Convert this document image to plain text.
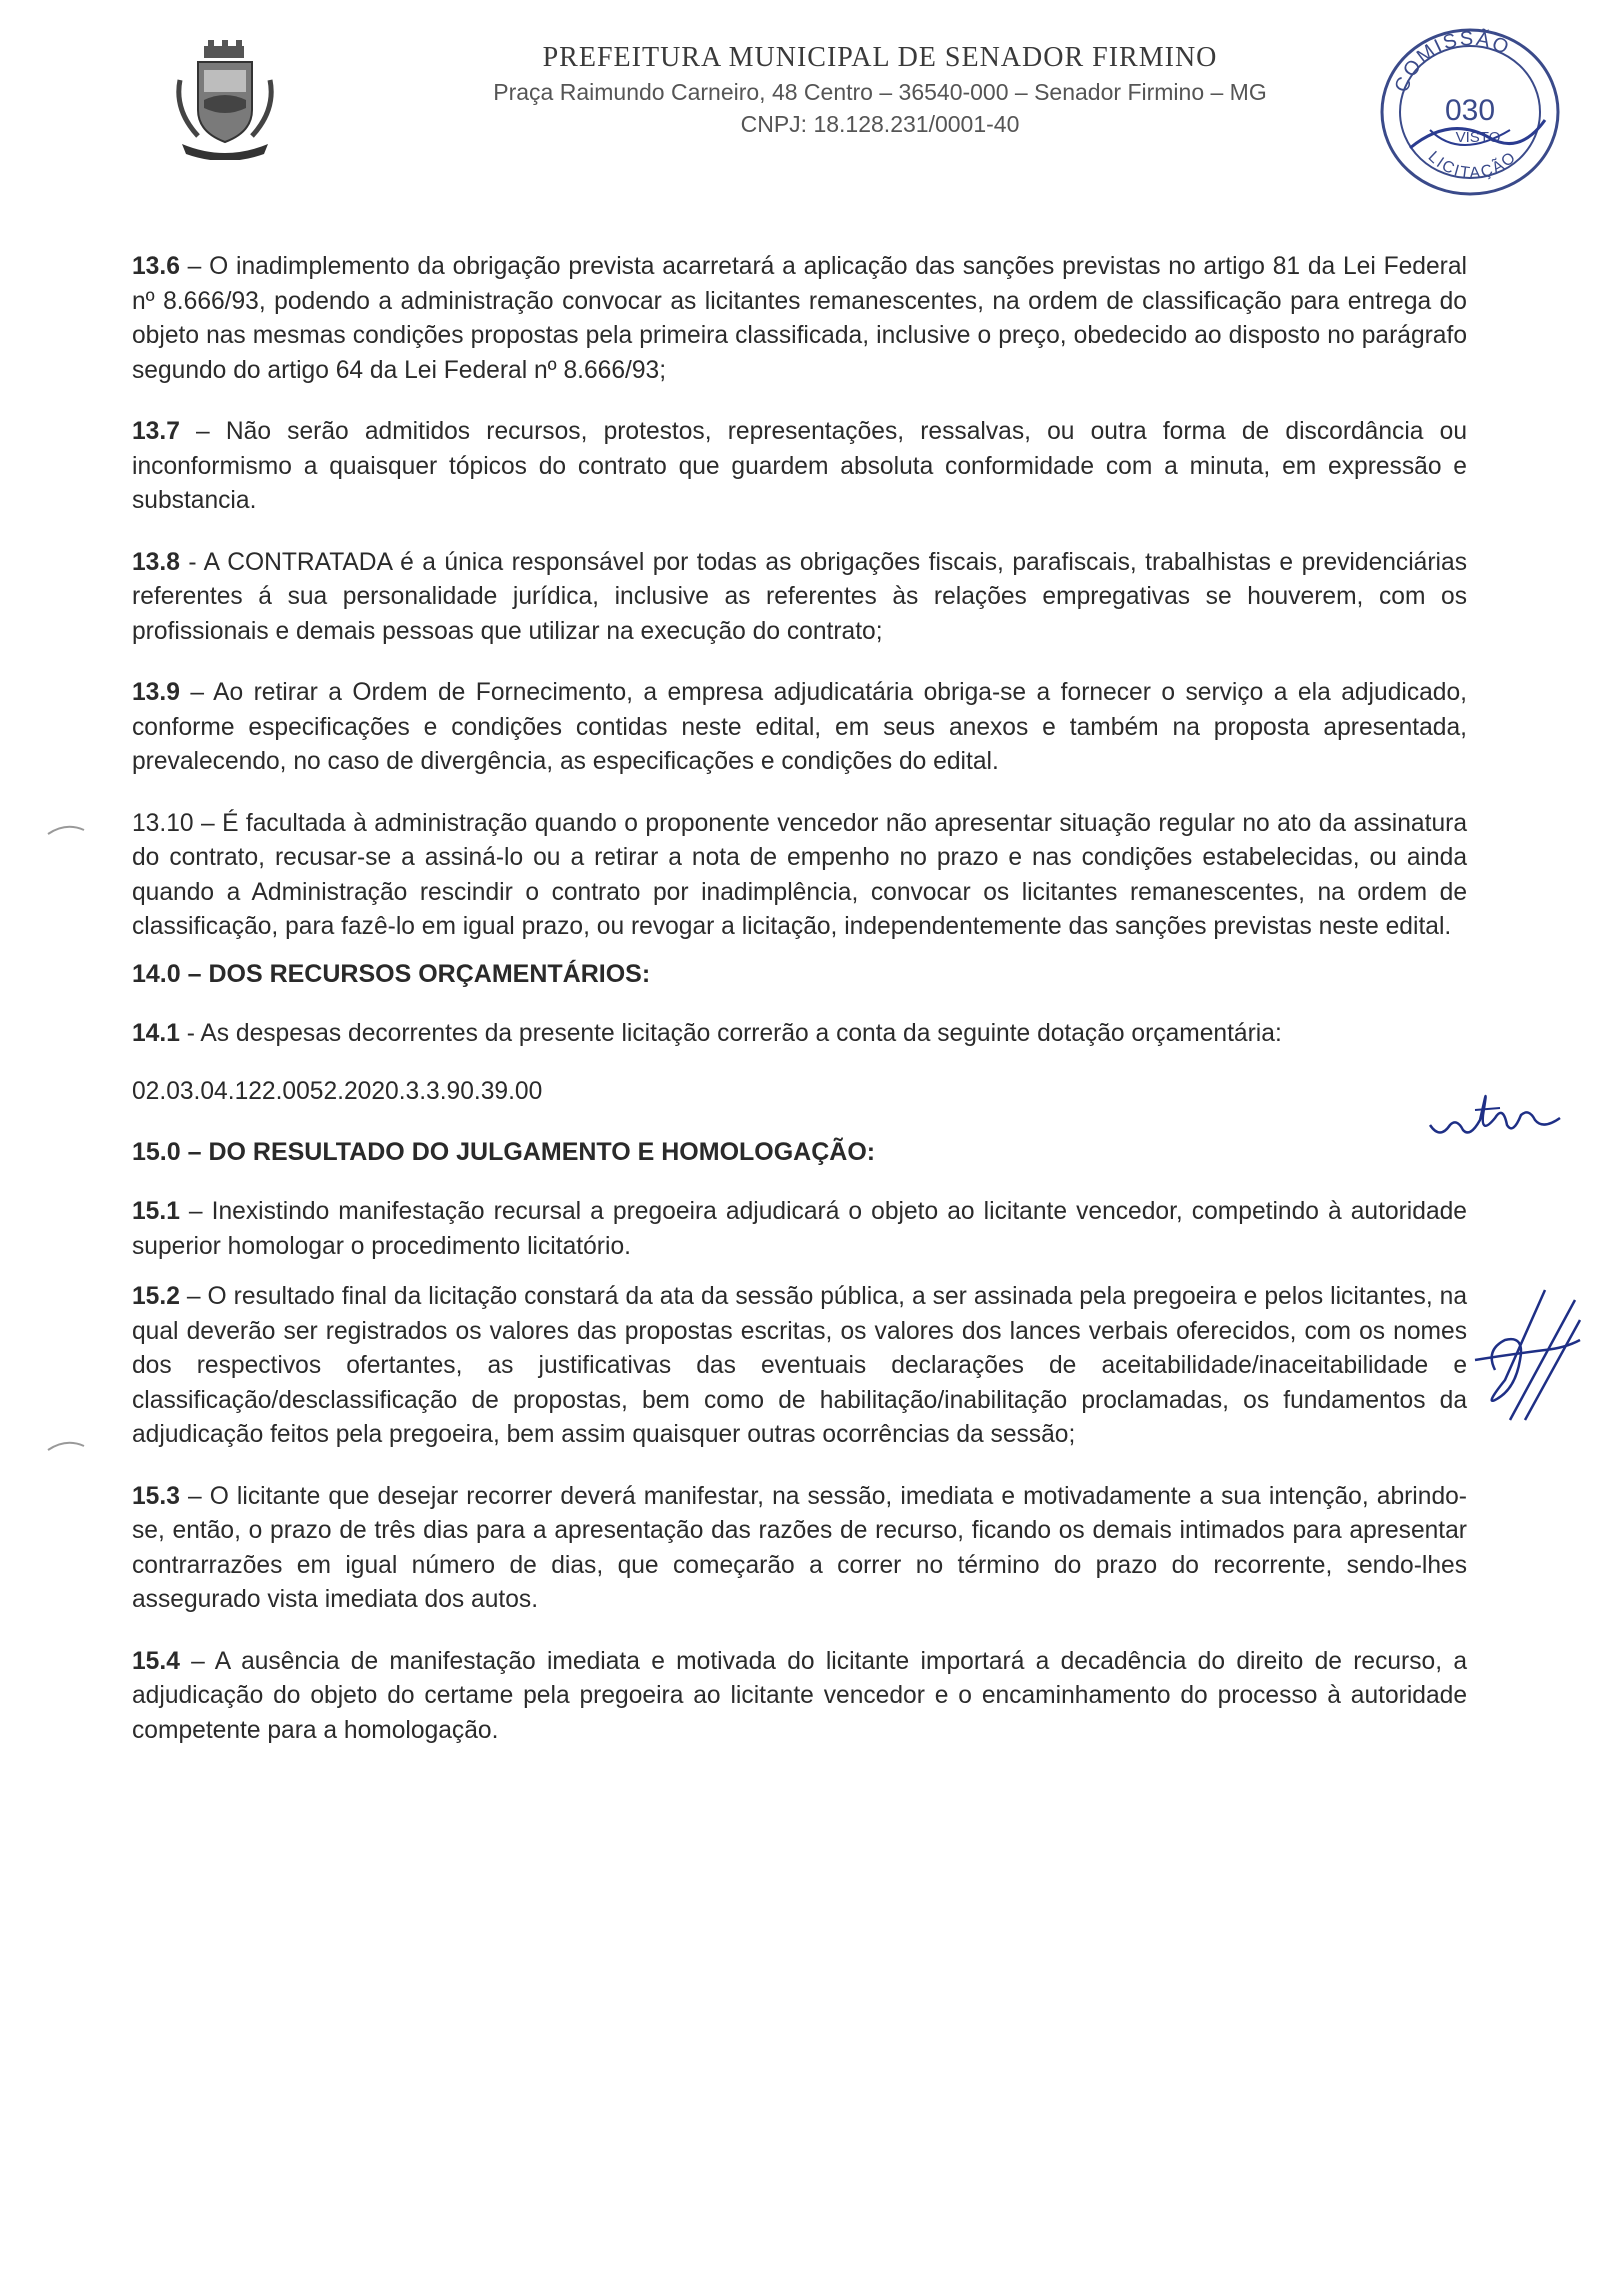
PREFEITURA MUNICIPAL DE SENADOR FIRMINO
Praça Raimundo Carneiro, 48 Centro – 36540-000 – Senador Firmino – MG
CNPJ: 18.128.231/0001-40
COMISSÃO
030
VISTO
LICITAÇÃO

13.6 – O inadimplemento da obrigação prevista acarretará a aplicação das sanções previstas no artigo 81 da Lei Federal nº 8.666/93, podendo a administração convocar as licitantes remanescentes, na ordem de classificação para entrega do objeto nas mesmas condições propostas pela primeira classificada, inclusive o preço, obedecido ao disposto no parágrafo segundo do artigo 64 da Lei Federal nº 8.666/93;

13.7 – Não serão admitidos recursos, protestos, representações, ressalvas, ou outra forma de discordância ou inconformismo a quaisquer tópicos do contrato que guardem absoluta conformidade com a minuta, em expressão e substancia.

13.8 - A CONTRATADA é a única responsável por todas as obrigações fiscais, parafiscais, trabalhistas e previdenciárias referentes á sua personalidade jurídica, inclusive as referentes às relações empregativas se houverem, com os profissionais e demais pessoas que utilizar na execução do contrato;

13.9 – Ao retirar a Ordem de Fornecimento, a empresa adjudicatária obriga-se a fornecer o serviço a ela adjudicado, conforme especificações e condições contidas neste edital, em seus anexos e também na proposta apresentada, prevalecendo, no caso de divergência, as especificações e condições do edital.

13.10 – É facultada à administração quando o proponente vencedor não apresentar situação regular no ato da assinatura do contrato, recusar-se a assiná-lo ou a retirar a nota de empenho no prazo e nas condições estabelecidas, ou ainda quando a Administração rescindir o contrato por inadimplência, convocar os licitantes remanescentes, na ordem de classificação, para fazê-lo em igual prazo, ou revogar a licitação, independentemente das sanções previstas neste edital.

14.0 – DOS RECURSOS ORÇAMENTÁRIOS:

14.1 - As despesas decorrentes da presente licitação correrão a conta da seguinte dotação orçamentária:

02.03.04.122.0052.2020.3.3.90.39.00
15.0 – DO RESULTADO DO JULGAMENTO E HOMOLOGAÇÃO:

15.1 – Inexistindo manifestação recursal a pregoeira adjudicará o objeto ao licitante vencedor, competindo à autoridade superior homologar o procedimento licitatório.

15.2 – O resultado final da licitação constará da ata da sessão pública, a ser assinada pela pregoeira e pelos licitantes, na qual deverão ser registrados os valores das propostas escritas, os valores dos lances verbais oferecidos, com os nomes dos respectivos ofertantes, as justificativas das eventuais declarações de aceitabilidade/inaceitabilidade e classificação/desclassificação de propostas, bem como de habilitação/inabilitação proclamadas, os fundamentos da adjudicação feitos pela pregoeira, bem assim quaisquer outras ocorrências da sessão;

15.3 – O licitante que desejar recorrer deverá manifestar, na sessão, imediata e motivadamente a sua intenção, abrindo-se, então, o prazo de três dias para a apresentação das razões de recurso, ficando os demais intimados para apresentar contrarrazões em igual número de dias, que começarão a correr no término do prazo do recorrente, sendo-lhes assegurado vista imediata dos autos.

15.4 – A ausência de manifestação imediata e motivada do licitante importará a decadência do direito de recurso, a adjudicação do objeto do certame pela pregoeira ao licitante vencedor e o encaminhamento do processo à autoridade competente para a homologação.
